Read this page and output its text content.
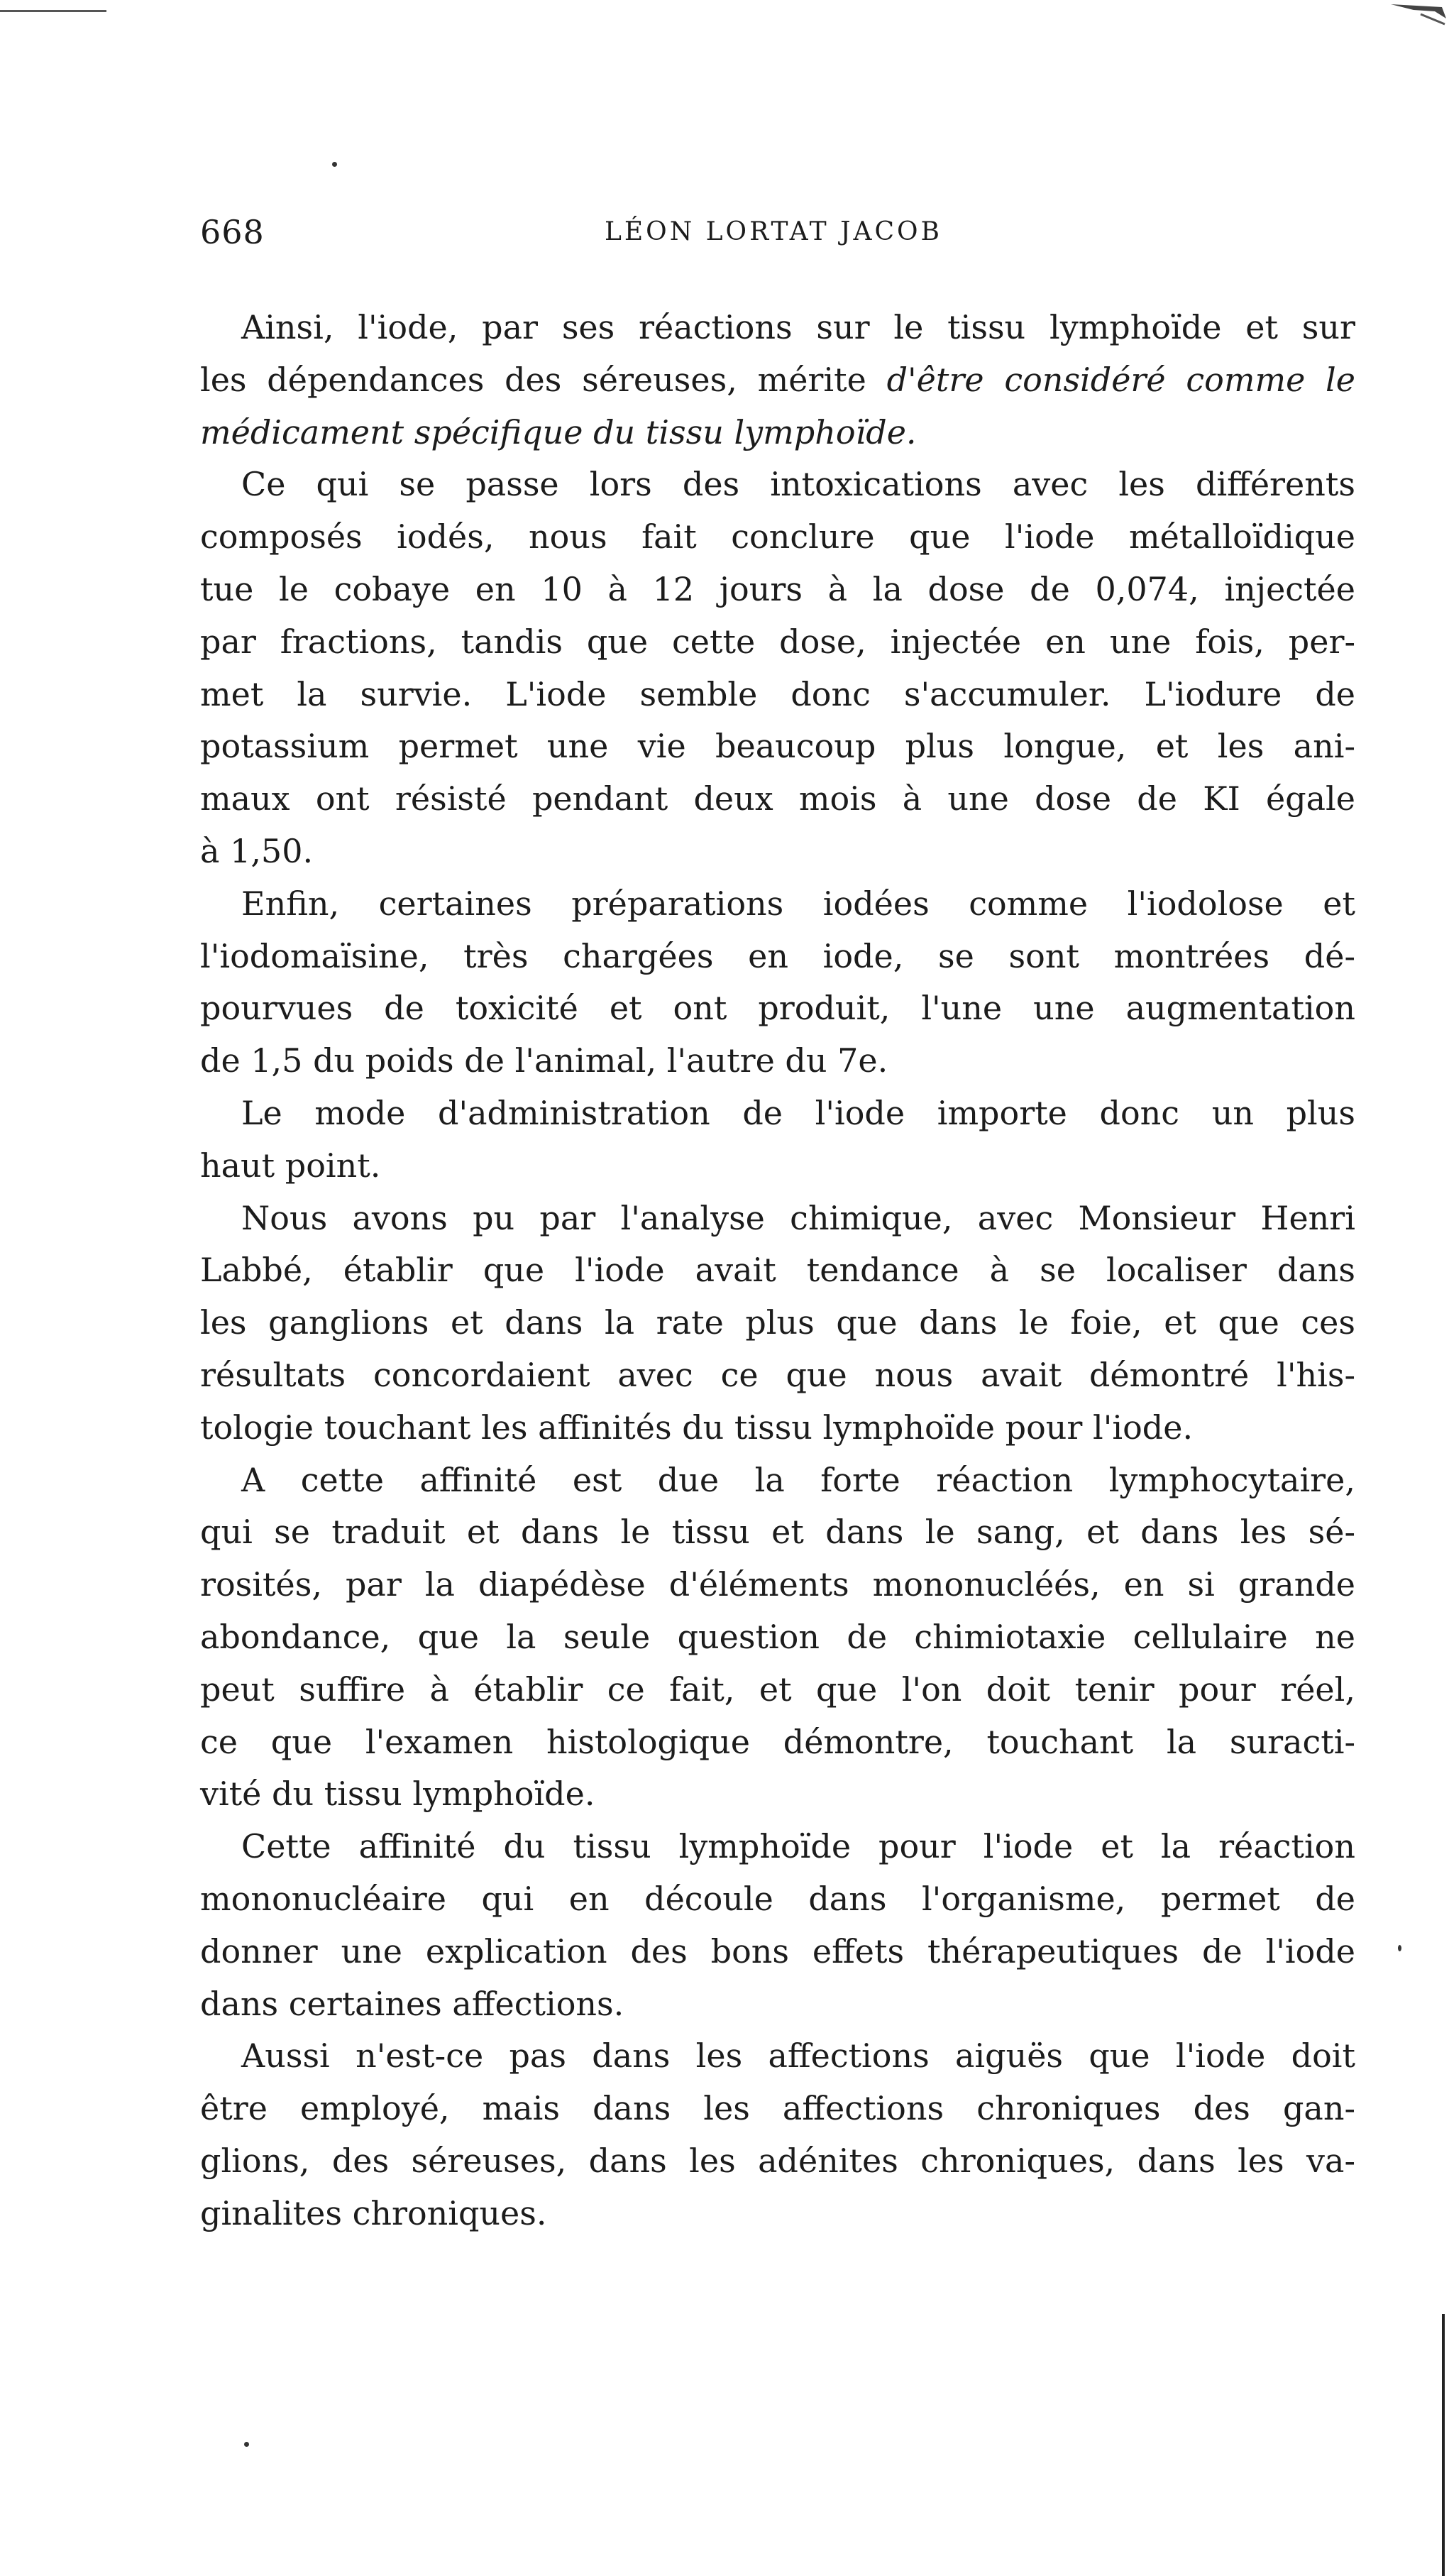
668	LÉON LORTAT JACOB
Ainsi, l'iode, par ses réactions sur le tissu lymphoïde et sur
les dépendances des séreuses, mérite d'être considéré comme le
médicament spécifique du tissu lymphoïde.
Ce qui se passe lors des intoxications avec les différents
composés iodés, nous fait conclure que l'iode métalloïdique
tue le cobaye en 10 à 12 jours à la dose de 0,074, injectée
par fractions, tandis que cette dose, injectée en une fois, per-
met la survie. L'iode semble donc s'accumuler. L'iodure de
potassium permet une vie beaucoup plus longue, et les ani-
maux ont résisté pendant deux mois à une dose de KI égale
à 1,50.
Enfin, certaines préparations iodées comme l'iodolose et
l'iodomaïsine, très chargées en iode, se sont montrées dé-
pourvues de toxicité et ont produit, l'une une augmentation
de 1,5 du poids de l'animal, l'autre du 7e.
Le mode d'administration de l'iode importe donc un plus
haut point.
Nous avons pu par l'analyse chimique, avec Monsieur Henri
Labbé, établir que l'iode avait tendance à se localiser dans
les ganglions et dans la rate plus que dans le foie, et que ces
résultats concordaient avec ce que nous avait démontré l'his-
tologie touchant les affinités du tissu lymphoïde pour l'iode.
A cette affinité est due la forte réaction lymphocytaire,
qui se traduit et dans le tissu et dans le sang, et dans les sé-
rosités, par la diapédèse d'éléments mononucléés, en si grande
abondance, que la seule question de chimiotaxie cellulaire ne
peut suffire à établir ce fait, et que l'on doit tenir pour réel,
ce que l'examen histologique démontre, touchant la suracti-
vité du tissu lymphoïde.
Cette affinité du tissu lymphoïde pour l'iode et la réaction
mononucléaire qui en découle dans l'organisme, permet de
donner une explication des bons effets thérapeutiques de l'iode
dans certaines affections.
Aussi n'est-ce pas dans les affections aiguës que l'iode doit
être employé, mais dans les affections chroniques des gan-
glions, des séreuses, dans les adénites chroniques, dans les va-
ginalites chroniques.
